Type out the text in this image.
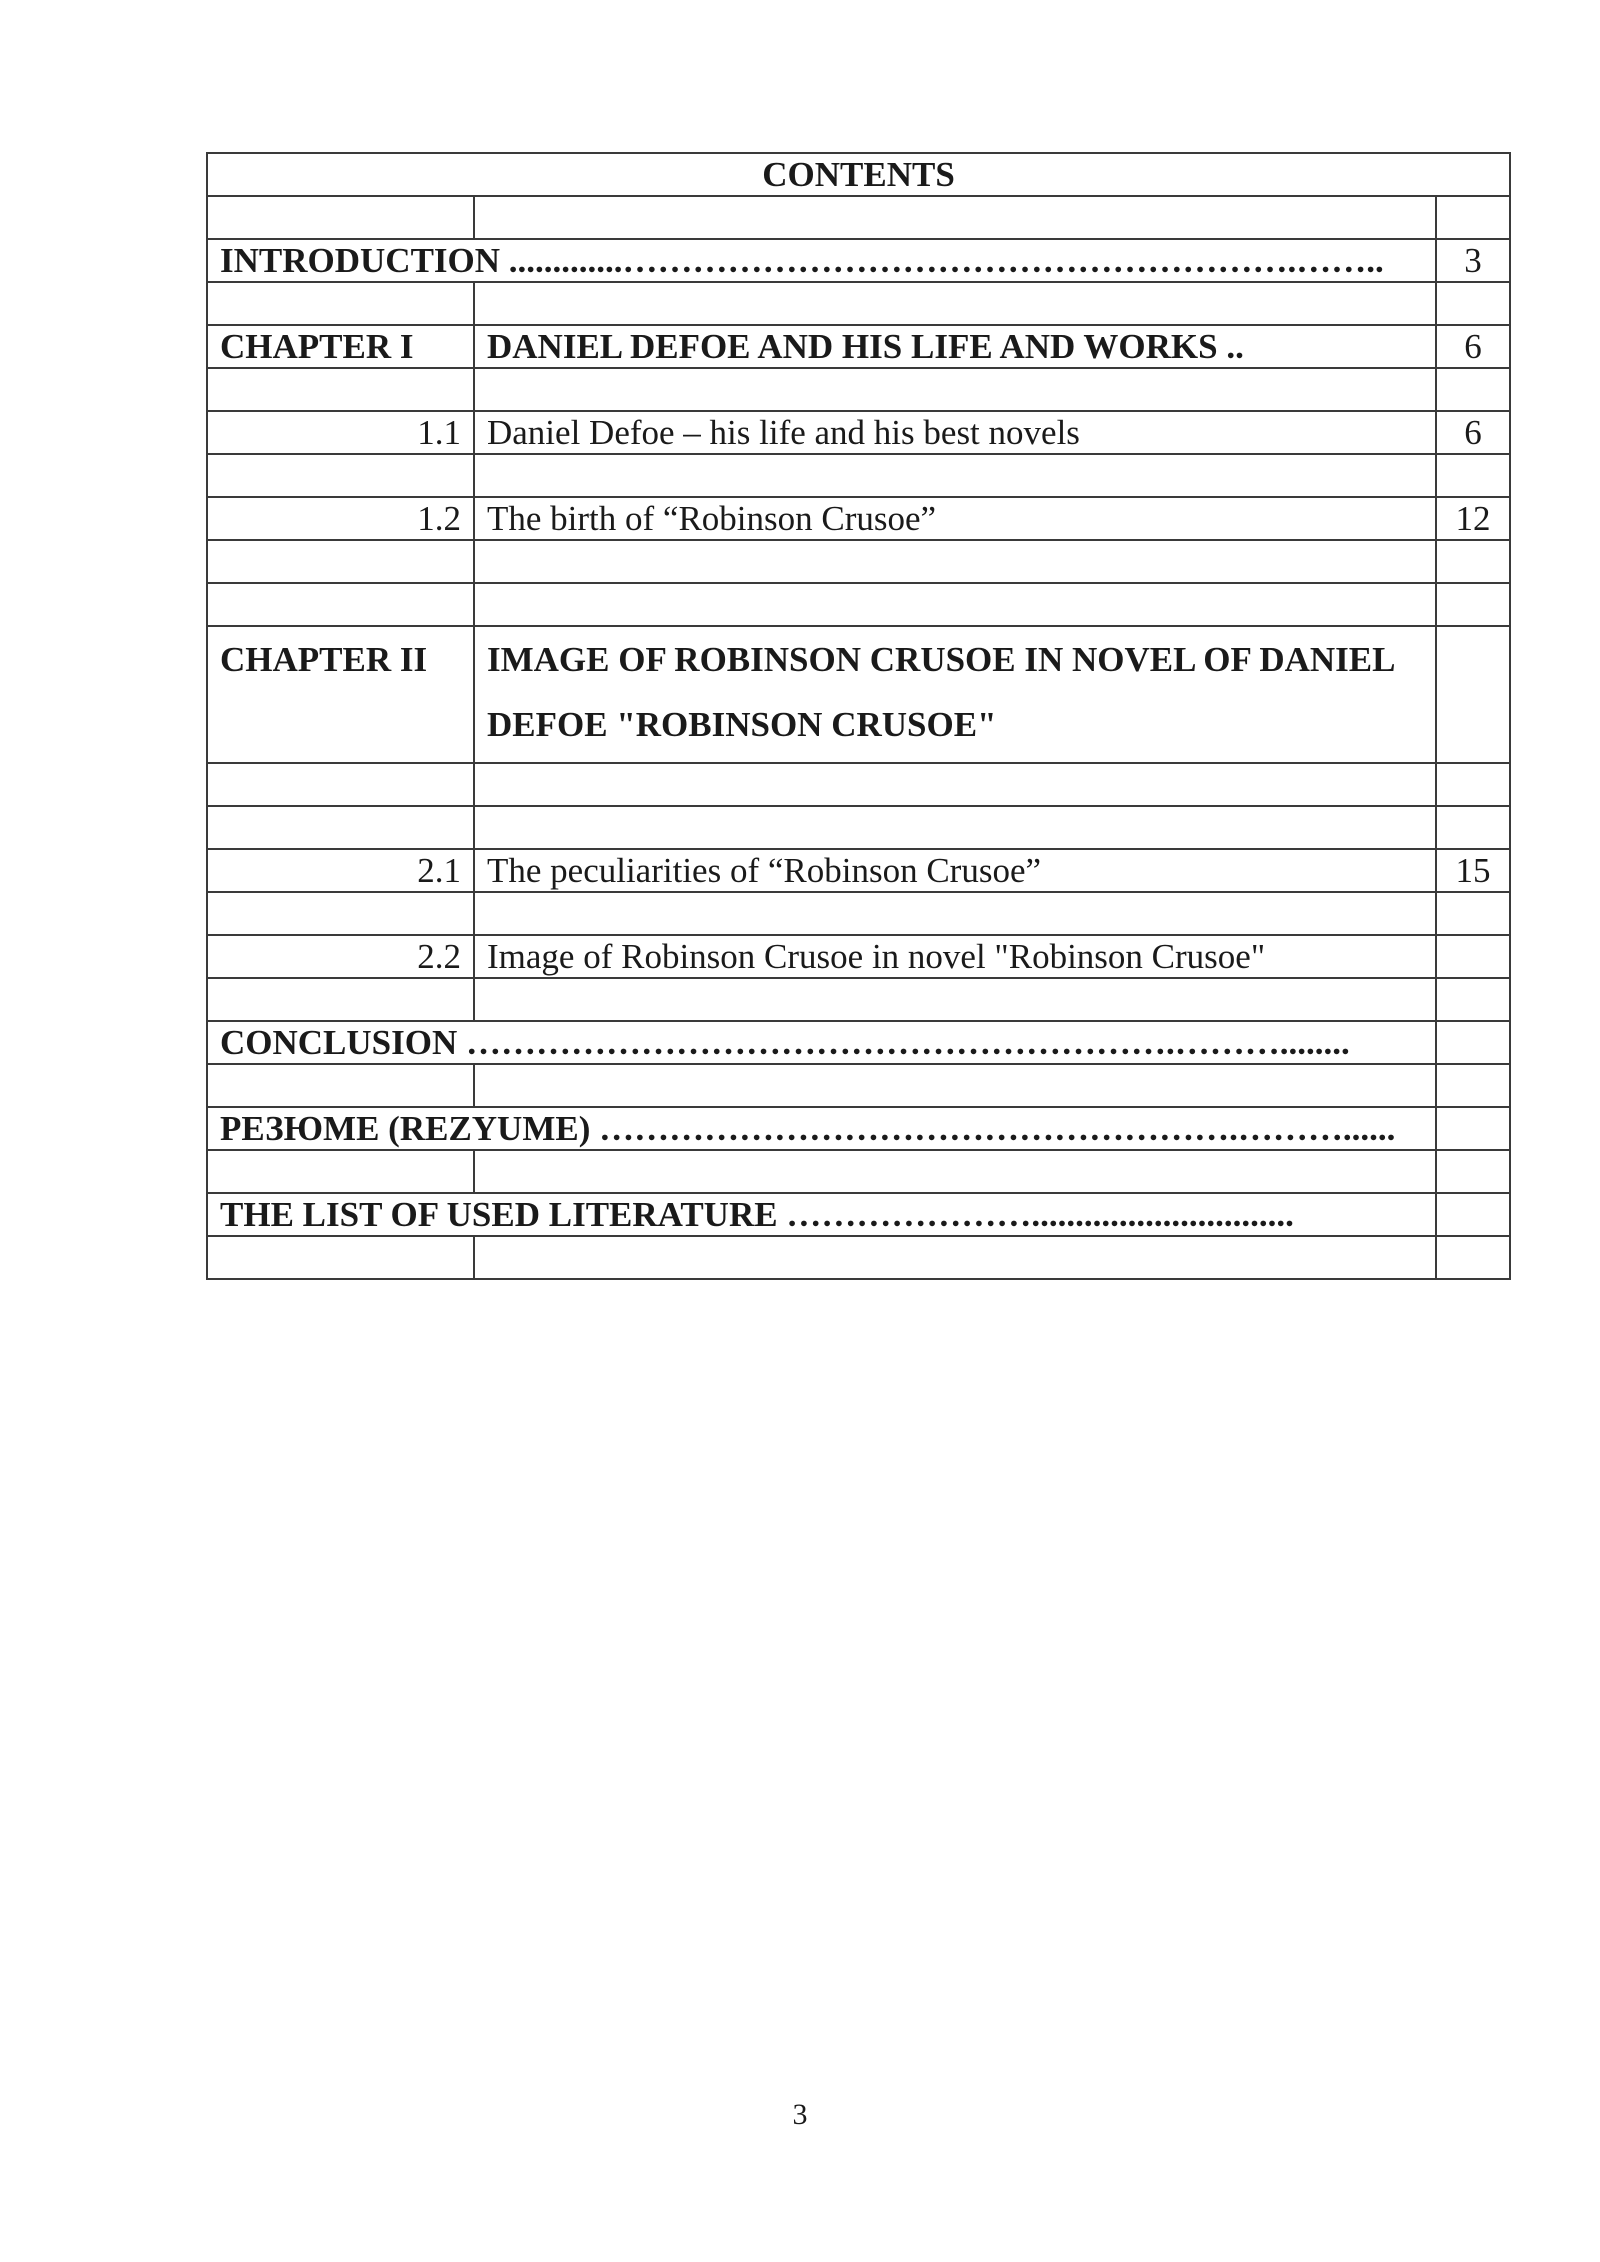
CONTENTS		

INTRODUCTION .............………………………………………………….……..		3

CHAPTER I	DANIEL DEFOE AND HIS LIFE AND WORKS ..	6

1.1	Daniel Defoe – his life and his best novels	6

1.2	The birth of “Robinson Crusoe”	12

CHAPTER II	IMAGE OF ROBINSON CRUSOE IN NOVEL OF DANIEL DEFOE "ROBINSON CRUSOE"	

2.1	The peculiarities of “Robinson Crusoe”	15

2.2	Image of Robinson Crusoe in novel "Robinson Crusoe"	

CONCLUSION …………………………………………………….………........		

РЕЗЮМЕ (REZYUME) ……………………………………………….………......		

THE LIST OF USED LITERATURE …………………..............................		

3
